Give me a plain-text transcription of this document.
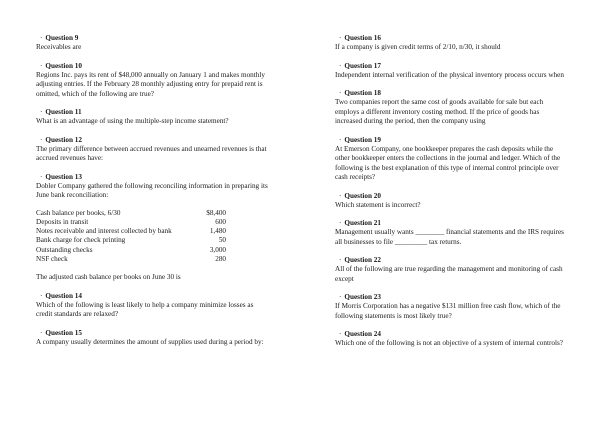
· Question 9
Receivables are
· Question 10
Regions Inc. pays its rent of $48,000 annually on January 1 and makes monthly adjusting entries. If the February 28 monthly adjusting entry for prepaid rent is omitted, which of the following are true?
· Question 11
What is an advantage of using the multiple-step income statement?
· Question 12
The primary difference between accrued revenues and unearned revenues is that accrued revenues have:
· Question 13
Dobler Company gathered the following reconciling information in preparing its June bank reconciliation:
Cash balance per books, 6/30	$8,400
Deposits in transit	600
Notes receivable and interest collected by bank	1,480
Bank charge for check printing	50
Outstanding checks	3,000
NSF check	280
The adjusted cash balance per books on June 30 is
· Question 14
Which of the following is least likely to help a company minimize losses as credit standards are relaxed?
· Question 15
A company usually determines the amount of supplies used during a period by:
· Question 16
If a company is given credit terms of 2/10, n/30, it should
· Question 17
Independent internal verification of the physical inventory process occurs when
· Question 18
Two companies report the same cost of goods available for sale but each employs a different inventory costing method. If the price of goods has increased during the period, then the company using
· Question 19
At Emerson Company, one bookkeeper prepares the cash deposits while the other bookkeeper enters the collections in the journal and ledger. Which of the following is the best explanation of this type of internal control principle over cash receipts?
· Question 20
Which statement is incorrect?
· Question 21
Management usually wants ________ financial statements and the IRS requires all businesses to file _________ tax returns.
· Question 22
All of the following are true regarding the management and monitoring of cash except
· Question 23
If Morris Corporation has a negative $131 million free cash flow, which of the following statements is most likely true?
· Question 24
Which one of the following is not an objective of a system of internal controls?
